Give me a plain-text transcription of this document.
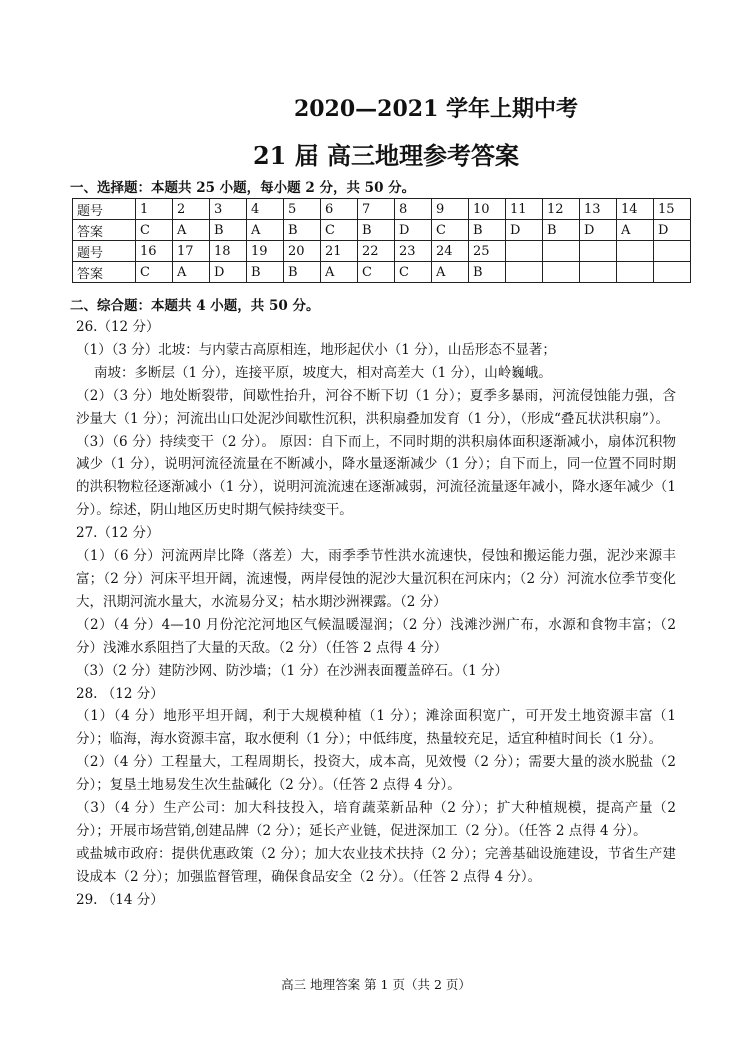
2020—2021 学年上期中考
21 届 高三地理参考答案
一、选择题：本题共 25 小题，每小题 2 分，共 50 分。
题号	1	2	3	4	5	6	7	8	9	10	11	12	13	14	15
答案	C	A	B	A	B	C	B	D	C	B	D	B	D	A	D
题号	16	17	18	19	20	21	22	23	24	25					
答案	C	A	D	B	B	A	C	C	A	B					
二、综合题：本题共 4 小题，共 50 分。

26.（12 分）

（1）（3 分）北坡：与内蒙古高原相连，地形起伏小（1 分），山岳形态不显著；

南坡：多断层（1 分），连接平原，坡度大，相对高差大（1 分），山岭巍峨。

（2）（3 分）地处断裂带，间歇性抬升，河谷不断下切（1 分）；夏季多暴雨，河流侵蚀能力强，含沙量大（1 分）；河流出山口处泥沙间歇性沉积，洪积扇叠加发育（1 分），（形成“叠瓦状洪积扇”）。

（3）（6 分）持续变干（2 分）。 原因：自下而上，不同时期的洪积扇体面积逐渐减小，扇体沉积物减少（1 分），说明河流径流量在不断减小，降水量逐渐减少（1 分）；自下而上，同一位置不同时期的洪积物粒径逐渐减小（1 分），说明河流流速在逐渐减弱，河流径流量逐年减小，降水逐年减少（1 分）。综述，阴山地区历史时期气候持续变干。

27.（12 分）

（1）（6 分）河流两岸比降（落差）大，雨季季节性洪水流速快，侵蚀和搬运能力强，泥沙来源丰富；（2 分）河床平坦开阔，流速慢，两岸侵蚀的泥沙大量沉积在河床内；（2 分）河流水位季节变化大，汛期河流水量大，水流易分叉；枯水期沙洲裸露。（2 分）

（2）（4 分）4—10 月份沱沱河地区气候温暖湿润；（2 分）浅滩沙洲广布，水源和食物丰富；（2 分）浅滩水系阻挡了大量的天敌。（2 分）（任答 2 点得 4 分）

（3）（2 分）建防沙网、防沙墙；（1 分）在沙洲表面覆盖碎石。（1 分）

28. （12 分）

（1）（4 分）地形平坦开阔，利于大规模种植（1 分）；滩涂面积宽广，可开发土地资源丰富（1 分）；临海，海水资源丰富，取水便利（1 分）；中低纬度，热量较充足，适宜种植时间长（1 分）。

（2）（4 分）工程量大，工程周期长，投资大，成本高，见效慢（2 分）；需要大量的淡水脱盐（2 分）；复垦土地易发生次生盐碱化（2 分）。（任答 2 点得 4 分）。

（3）（4 分）生产公司：加大科技投入，培育蔬菜新品种（2 分）；扩大种植规模，提高产量（2 分）；开展市场营销,创建品牌（2 分）；延长产业链，促进深加工（2 分）。（任答 2 点得 4 分）。

或盐城市政府：提供优惠政策（2 分）；加大农业技术扶持（2 分）；完善基础设施建设，节省生产建设成本（2 分）；加强监督管理，确保食品安全（2 分）。（任答 2 点得 4 分）。

29. （14 分）

高三 地理答案 第 1 页（共 2 页）
